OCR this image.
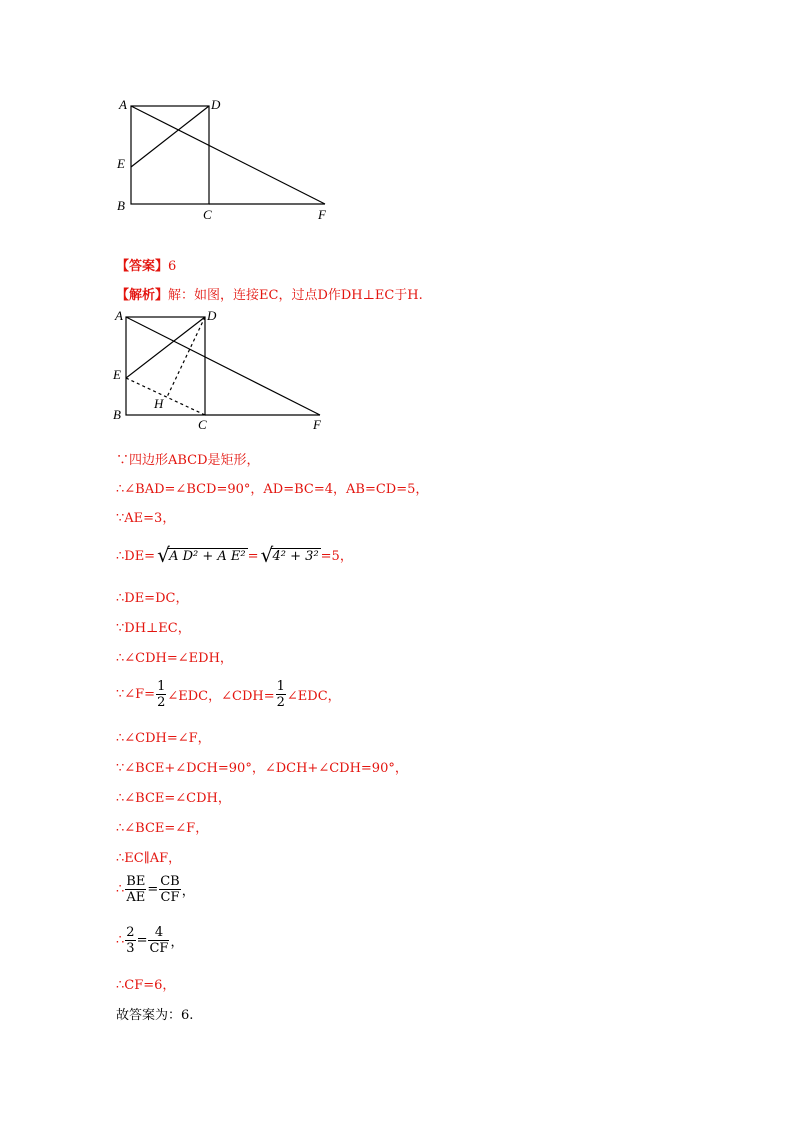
A	D
E
B
C	F
【答案】6
【解析】解：如图，连接EC，过点D作DH⊥EC于H.
A	D
E
H
B
C	F
∵四边形ABCD是矩形，
∴∠BAD=∠BCD=90°，AD=BC=4，AB=CD=5，
∵AE=3，
∴DE= √ A D² + A E² = √ 4² + 3² =5，
∴DE=DC，
∵DH⊥EC，
∴∠CDH=∠EDH，
∵∠F= $\frac{1}{2}$ ∠EDC，∠CDH= $\frac{1}{2}$ ∠EDC，
∴∠CDH=∠F，
∵∠BCE+∠DCH=90°，∠DCH+∠CDH=90°，
∴∠BCE=∠CDH，
∴∠BCE=∠F，
∴EC∥AF，
∴ $\frac{BE}{AE} = \frac{CB}{CF}$ ，
∴ $\frac{2}{3} = \frac{4}{CF}$ ，
∴CF=6，
故答案为：6.
